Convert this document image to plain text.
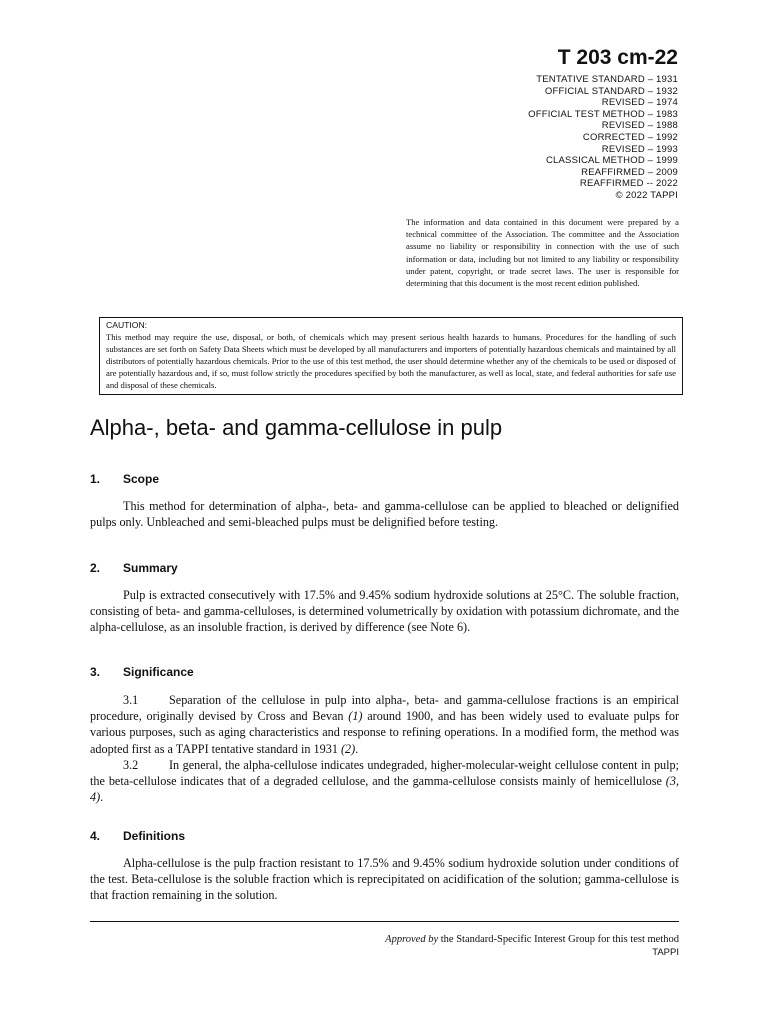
T 203 cm-22
TENTATIVE STANDARD – 1931
OFFICIAL STANDARD – 1932
REVISED – 1974
OFFICIAL TEST METHOD – 1983
REVISED – 1988
CORRECTED – 1992
REVISED – 1993
CLASSICAL METHOD – 1999
REAFFIRMED – 2009
REAFFIRMED -- 2022
© 2022 TAPPI
The information and data contained in this document were prepared by a technical committee of the Association. The committee and the Association assume no liability or responsibility in connection with the use of such information or data, including but not limited to any liability or responsibility under patent, copyright, or trade secret laws. The user is responsible for determining that this document is the most recent edition published.
CAUTION:
This method may require the use, disposal, or both, of chemicals which may present serious health hazards to humans. Procedures for the handling of such substances are set forth on Safety Data Sheets which must be developed by all manufacturers and importers of potentially hazardous chemicals and maintained by all distributors of potentially hazardous chemicals. Prior to the use of this test method, the user should determine whether any of the chemicals to be used or disposed of are potentially hazardous and, if so, must follow strictly the procedures specified by both the manufacturer, as well as local, state, and federal authorities for safe use and disposal of these chemicals.
Alpha-, beta- and gamma-cellulose in pulp
1.	Scope

This method for determination of alpha-, beta- and gamma-cellulose can be applied to bleached or delignified pulps only. Unbleached and semi-bleached pulps must be delignified before testing.

2.	Summary

Pulp is extracted consecutively with 17.5% and 9.45% sodium hydroxide solutions at 25°C. The soluble fraction, consisting of beta- and gamma-celluloses, is determined volumetrically by oxidation with potassium dichromate, and the alpha-cellulose, as an insoluble fraction, is derived by difference (see Note 6).

3.	Significance

3.1	Separation of the cellulose in pulp into alpha-, beta- and gamma-cellulose fractions is an empirical procedure, originally devised by Cross and Bevan (1) around 1900, and has been widely used to evaluate pulps for various purposes, such as aging characteristics and response to refining operations. In a modified form, the method was adopted first as a TAPPI tentative standard in 1931 (2).

3.2	In general, the alpha-cellulose indicates undegraded, higher-molecular-weight cellulose content in pulp; the beta-cellulose indicates that of a degraded cellulose, and the gamma-cellulose consists mainly of hemicellulose (3, 4).

4.	Definitions

Alpha-cellulose is the pulp fraction resistant to 17.5% and 9.45% sodium hydroxide solution under conditions of the test. Beta-cellulose is the soluble fraction which is reprecipitated on acidification of the solution; gamma-cellulose is that fraction remaining in the solution.

Approved by the Standard-Specific Interest Group for this test method
TAPPI
